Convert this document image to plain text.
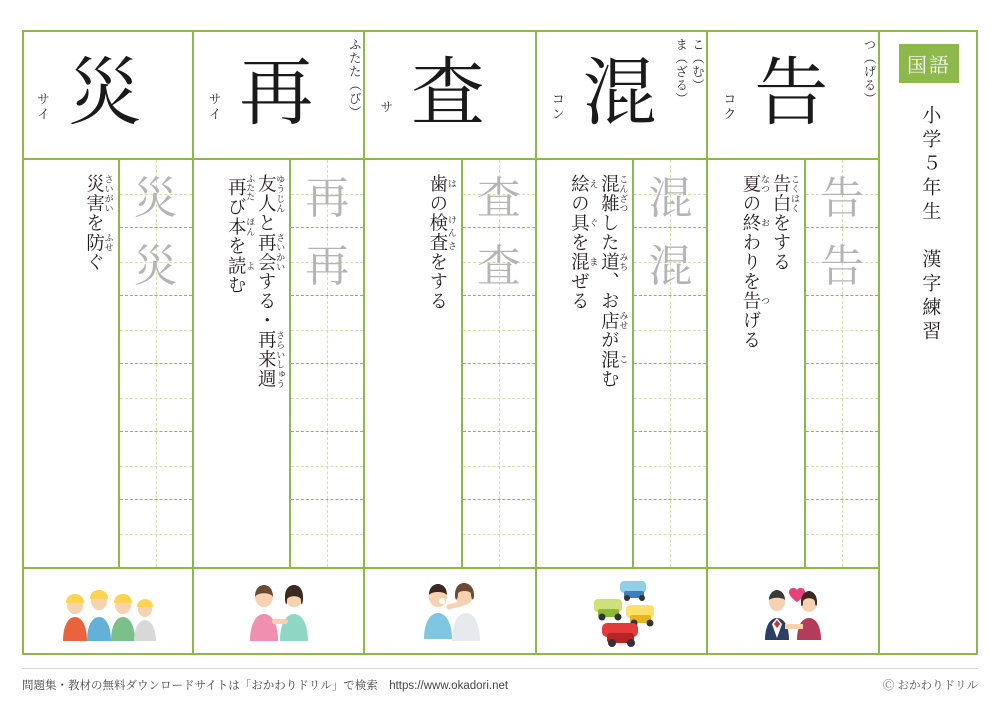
国語
小学５年生　漢字練習
コク 告	つ（げる）
告白 こくはくをする
夏 なつの終 おわりを告 つげる
告
告
コン 混	こ（む）
ま（ざる）
混雑 こんざつした道 みち、お店 みせが混 こむ
絵 えの具 ぐを混 まぜる
混
混
サ 査
歯 はの検査 けんさをする
査
査
サイ 再	ふたた（び）
友人 ゆうじんと再会 さいかいする・再来週 さらいしゅう
再 ふたたび本 ほんを読 よむ
再
再
サイ 災
災害 さいがいを防 ふせぐ
災
災
問題集・教材の無料ダウンロードサイトは「おかわりドリル」で検索　https://www.okadori.net	Ⓒ おかわりドリル
